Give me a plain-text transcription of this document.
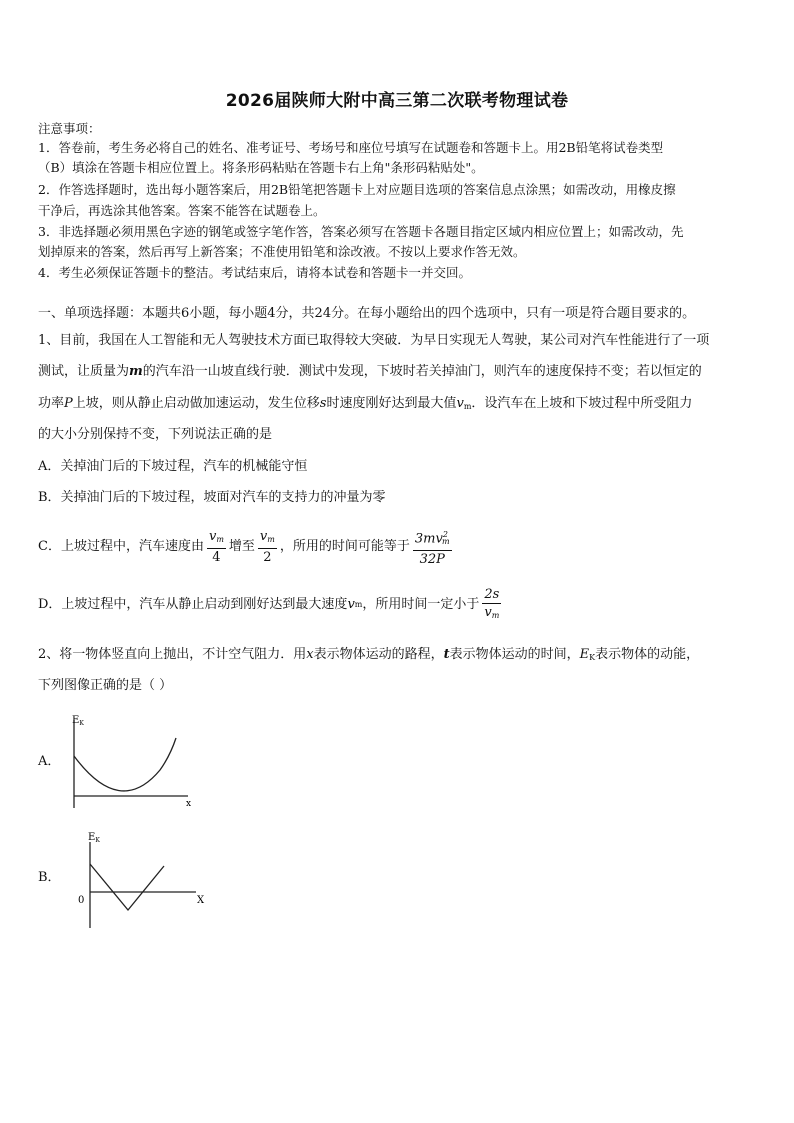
2026届陕师大附中高三第二次联考物理试卷
注意事项：
1．答卷前，考生务必将自己的姓名、准考证号、考场号和座位号填写在试题卷和答题卡上。用2B铅笔将试卷类型
（B）填涂在答题卡相应位置上。将条形码粘贴在答题卡右上角"条形码粘贴处"。
2．作答选择题时，选出每小题答案后，用2B铅笔把答题卡上对应题目选项的答案信息点涂黑；如需改动，用橡皮擦
干净后，再选涂其他答案。答案不能答在试题卷上。
3．非选择题必须用黑色字迹的钢笔或签字笔作答，答案必须写在答题卡各题目指定区域内相应位置上；如需改动，先
划掉原来的答案，然后再写上新答案；不准使用铅笔和涂改液。不按以上要求作答无效。
4．考生必须保证答题卡的整洁。考试结束后，请将本试卷和答题卡一并交回。
一、单项选择题：本题共6小题，每小题4分，共24分。在每小题给出的四个选项中，只有一项是符合题目要求的。
1、目前，我国在人工智能和无人驾驶技术方面已取得较大突破．为早日实现无人驾驶，某公司对汽车性能进行了一项
测试，让质量为m的汽车沿一山坡直线行驶．测试中发现，下坡时若关掉油门，则汽车的速度保持不变；若以恒定的
功率P上坡，则从静止启动做加速运动，发生位移s时速度刚好达到最大值$v_m$．设汽车在上坡和下坡过程中所受阻力
的大小分别保持不变，下列说法正确的是
A．关掉油门后的下坡过程，汽车的机械能守恒
B．关掉油门后的下坡过程，坡面对汽车的支持力的冲量为零
C．上坡过程中，汽车速度由 $\frac{v_m}{4}$ 增至 $\frac{v_m}{2}$ ，所用的时间可能等于 $\frac{3mv^2_m}{32P}$
D．上坡过程中，汽车从静止启动到刚好达到最大速度 v m ，所用时间一定小于 $\frac{2s}{v_m}$
2、将一物体竖直向上抛出，不计空气阻力．用x表示物体运动的路程，t表示物体运动的时间，$E_K$表示物体的动能，
下列图像正确的是（ ）
A．
$E_K$
x
B．
$E_K$
0	X
